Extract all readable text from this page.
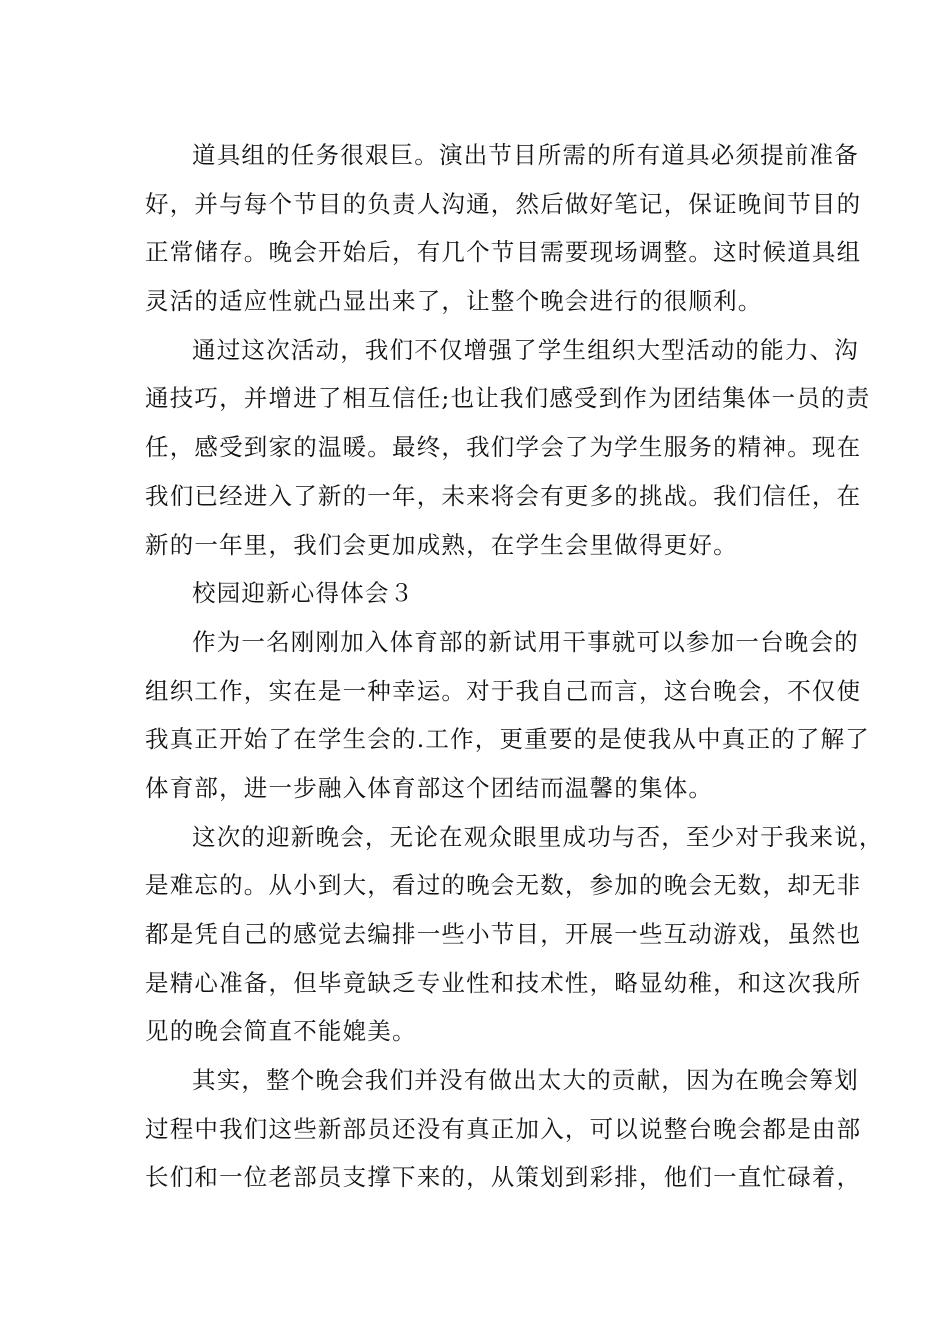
道具组的任务很艰巨。演出节目所需的所有道具必须提前准备
好，并与每个节目的负责人沟通，然后做好笔记，保证晚间节目的
正常储存。晚会开始后，有几个节目需要现场调整。这时候道具组
灵活的适应性就凸显出来了，让整个晚会进行的很顺利。
通过这次活动，我们不仅增强了学生组织大型活动的能力、沟
通技巧，并增进了相互信任;也让我们感受到作为团结集体一员的责
任，感受到家的温暖。最终，我们学会了为学生服务的精神。现在
我们已经进入了新的一年，未来将会有更多的挑战。我们信任，在
新的一年里，我们会更加成熟，在学生会里做得更好。
校园迎新心得体会３
作为一名刚刚加入体育部的新试用干事就可以参加一台晚会的
组织工作，实在是一种幸运。对于我自己而言，这台晚会，不仅使
我真正开始了在学生会的.工作，更重要的是使我从中真正的了解了
体育部，进一步融入体育部这个团结而温馨的集体。
这次的迎新晚会，无论在观众眼里成功与否，至少对于我来说，
是难忘的。从小到大，看过的晚会无数，参加的晚会无数，却无非
都是凭自己的感觉去编排一些小节目，开展一些互动游戏，虽然也
是精心准备，但毕竟缺乏专业性和技术性，略显幼稚，和这次我所
见的晚会简直不能媲美。
其实，整个晚会我们并没有做出太大的贡献，因为在晚会筹划
过程中我们这些新部员还没有真正加入，可以说整台晚会都是由部
长们和一位老部员支撑下来的，从策划到彩排，他们一直忙碌着，
